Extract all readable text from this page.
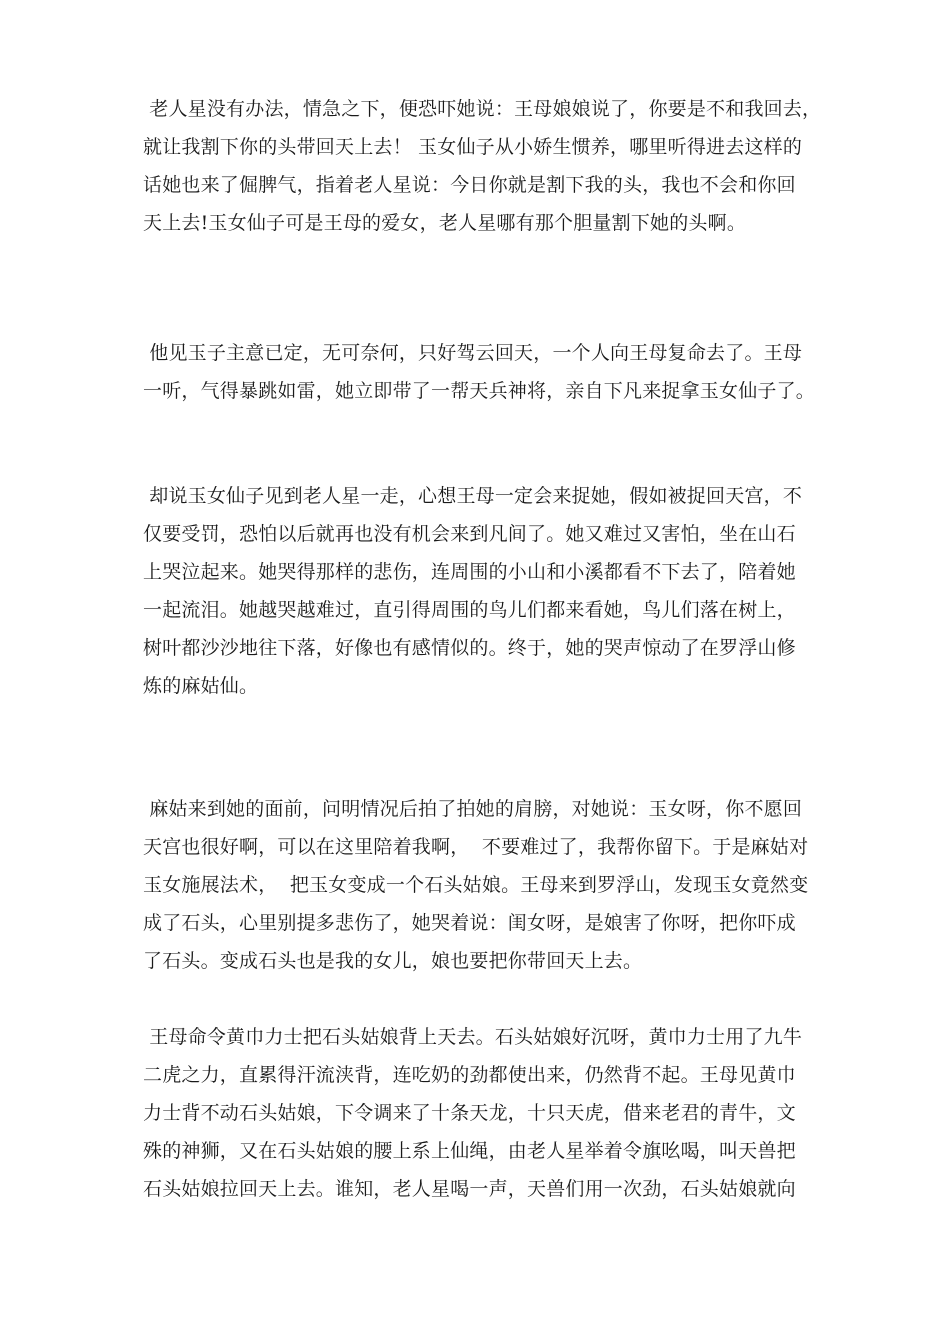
老人星没有办法，情急之下，便恐吓她说：王母娘娘说了，你要是不和我回去，
就让我割下你的头带回天上去！ 玉女仙子从小娇生惯养，哪里听得进去这样的
话她也来了倔脾气，指着老人星说：今日你就是割下我的头，我也不会和你回
天上去!玉女仙子可是王母的爱女，老人星哪有那个胆量割下她的头啊。
他见玉子主意已定，无可奈何，只好驾云回天，一个人向王母复命去了。王母
一听，气得暴跳如雷，她立即带了一帮天兵神将，亲自下凡来捉拿玉女仙子了。
却说玉女仙子见到老人星一走，心想王母一定会来捉她，假如被捉回天宫，不
仅要受罚，恐怕以后就再也没有机会来到凡间了。她又难过又害怕，坐在山石
上哭泣起来。她哭得那样的悲伤，连周围的小山和小溪都看不下去了，陪着她
一起流泪。她越哭越难过，直引得周围的鸟儿们都来看她，鸟儿们落在树上，
树叶都沙沙地往下落，好像也有感情似的。终于，她的哭声惊动了在罗浮山修
炼的麻姑仙。
麻姑来到她的面前，问明情况后拍了拍她的肩膀，对她说：玉女呀，你不愿回
天宫也很好啊，可以在这里陪着我啊，  不要难过了，我帮你留下。于是麻姑对
玉女施展法术，  把玉女变成一个石头姑娘。王母来到罗浮山，发现玉女竟然变
成了石头，心里别提多悲伤了，她哭着说：闺女呀，是娘害了你呀，把你吓成
了石头。变成石头也是我的女儿，娘也要把你带回天上去。
王母命令黄巾力士把石头姑娘背上天去。石头姑娘好沉呀，黄巾力士用了九牛
二虎之力，直累得汗流浃背，连吃奶的劲都使出来，仍然背不起。王母见黄巾
力士背不动石头姑娘，下令调来了十条天龙，十只天虎，借来老君的青牛，文
殊的神狮，又在石头姑娘的腰上系上仙绳，由老人星举着令旗吆喝，叫天兽把
石头姑娘拉回天上去。谁知，老人星喝一声，天兽们用一次劲，石头姑娘就向
